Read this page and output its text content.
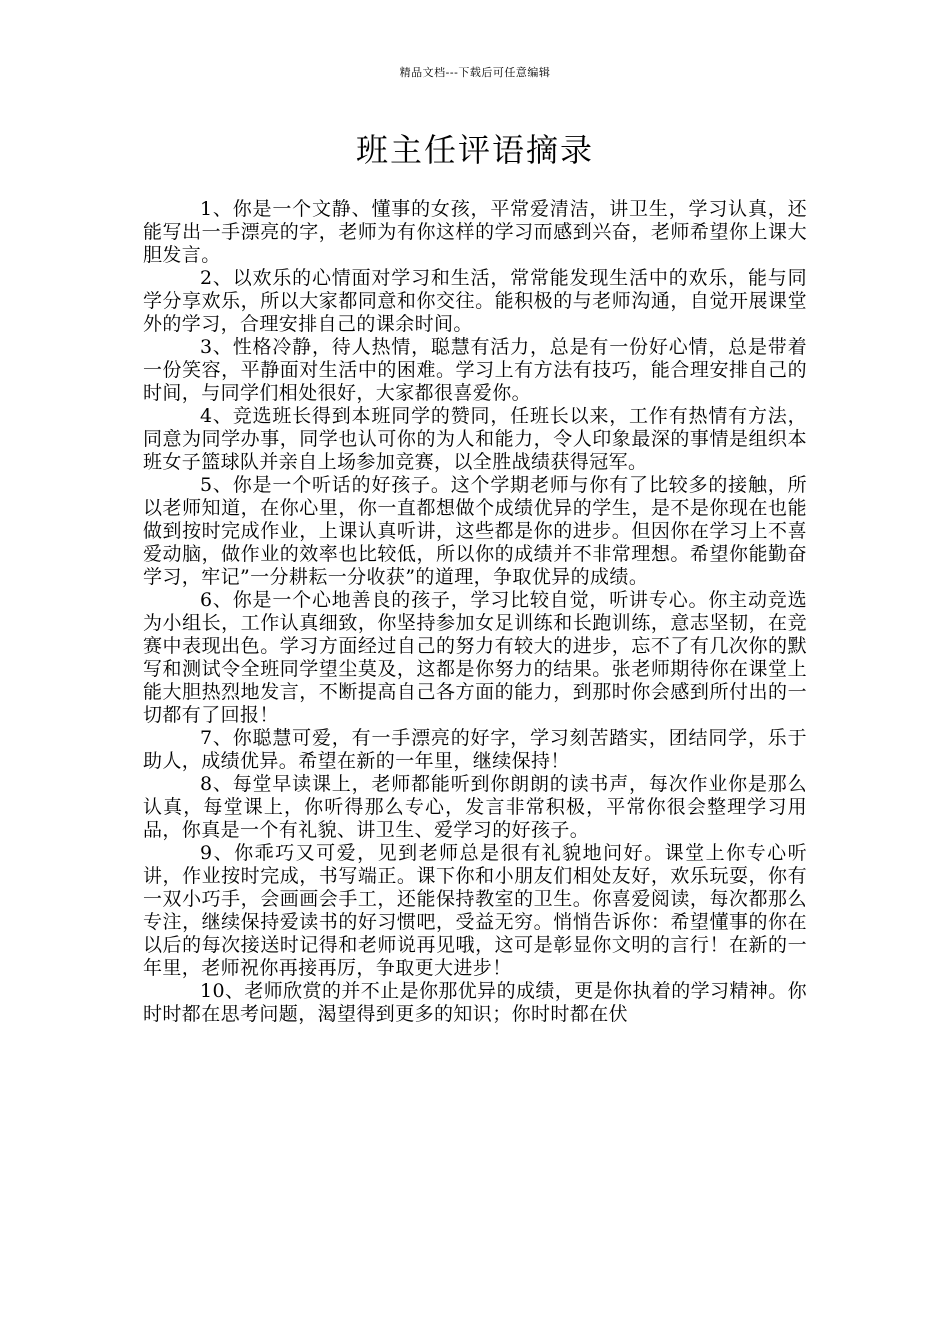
精品文档---下载后可任意编辑
班主任评语摘录

1、你是一个文静、懂事的女孩，平常爱清洁，讲卫生，学习认真，还能写出一手漂亮的字，老师为有你这样的学习而感到兴奋，老师希望你上课大胆发言。

2、以欢乐的心情面对学习和生活，常常能发现生活中的欢乐，能与同学分享欢乐，所以大家都同意和你交往。能积极的与老师沟通，自觉开展课堂外的学习，合理安排自己的课余时间。

3、性格冷静，待人热情，聪慧有活力，总是有一份好心情，总是带着一份笑容，平静面对生活中的困难。学习上有方法有技巧，能合理安排自己的时间，与同学们相处很好，大家都很喜爱你。

4、竞选班长得到本班同学的赞同，任班长以来，工作有热情有方法，同意为同学办事，同学也认可你的为人和能力，令人印象最深的事情是组织本班女子篮球队并亲自上场参加竞赛，以全胜战绩获得冠军。

5、你是一个听话的好孩子。这个学期老师与你有了比较多的接触，所以老师知道，在你心里，你一直都想做个成绩优异的学生，是不是你现在也能做到按时完成作业，上课认真听讲，这些都是你的进步。但因你在学习上不喜爱动脑，做作业的效率也比较低，所以你的成绩并不非常理想。希望你能勤奋学习，牢记”一分耕耘一分收获”的道理，争取优异的成绩。

6、你是一个心地善良的孩子，学习比较自觉，听讲专心。你主动竞选为小组长，工作认真细致，你坚持参加女足训练和长跑训练，意志坚韧，在竞赛中表现出色。学习方面经过自己的努力有较大的进步，忘不了有几次你的默写和测试令全班同学望尘莫及，这都是你努力的结果。张老师期待你在课堂上能大胆热烈地发言，不断提高自己各方面的能力，到那时你会感到所付出的一切都有了回报！

7、你聪慧可爱，有一手漂亮的好字，学习刻苦踏实，团结同学，乐于助人，成绩优异。希望在新的一年里，继续保持！

8、每堂早读课上，老师都能听到你朗朗的读书声，每次作业你是那么认真，每堂课上，你听得那么专心，发言非常积极，平常你很会整理学习用品，你真是一个有礼貌、讲卫生、爱学习的好孩子。

9、你乖巧又可爱，见到老师总是很有礼貌地问好。课堂上你专心听讲，作业按时完成，书写端正。课下你和小朋友们相处友好，欢乐玩耍，你有一双小巧手，会画画会手工，还能保持教室的卫生。你喜爱阅读，每次都那么专注，继续保持爱读书的好习惯吧，受益无穷。悄悄告诉你：希望懂事的你在以后的每次接送时记得和老师说再见哦，这可是彰显你文明的言行！在新的一年里，老师祝你再接再厉，争取更大进步！

10、老师欣赏的并不止是你那优异的成绩，更是你执着的学习精神。你时时都在思考问题，渴望得到更多的知识；你时时都在伏
